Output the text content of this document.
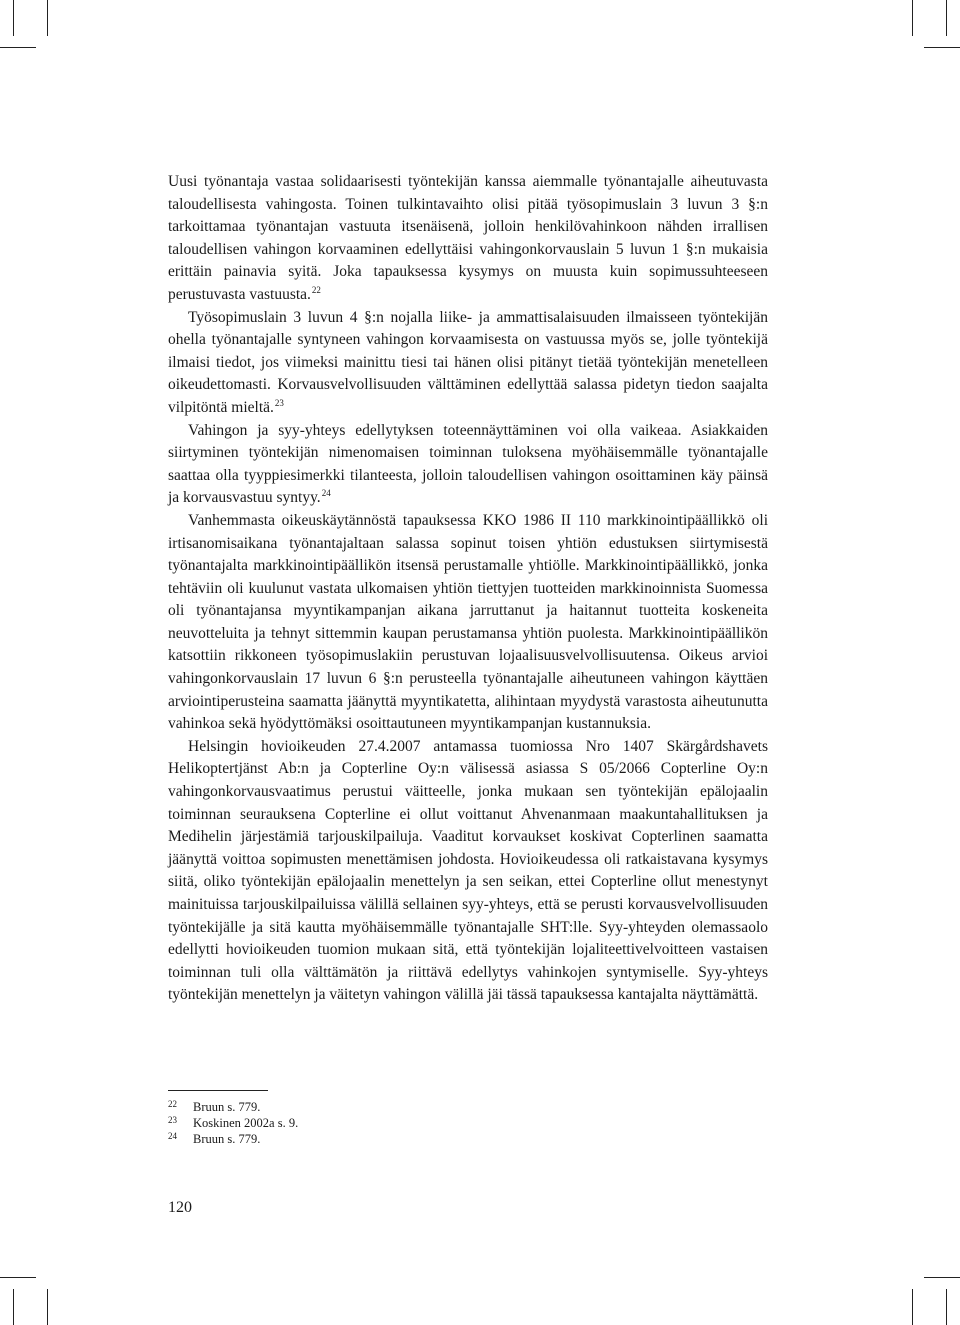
Uusi työnantaja vastaa solidaarisesti työntekijän kanssa aiemmalle työnantajalle aiheutuvasta taloudellisesta vahingosta. Toinen tulkintavaihto olisi pitää työsopimuslain 3 luvun 3 §:n tarkoittamaa työnantajan vastuuta itsenäisenä, jolloin henkilövahinkoon nähden irrallisen taloudellisen vahingon korvaaminen edellyttäisi vahingonkorvauslain 5 luvun 1 §:n mukaisia erittäin painavia syitä. Joka tapauksessa kysymys on muusta kuin sopimussuhteeseen perustuvasta vastuusta.$^{22}$

Työsopimuslain 3 luvun 4 §:n nojalla liike- ja ammattisalaisuuden ilmaisseen työntekijän ohella työnantajalle syntyneen vahingon korvaamisesta on vastuussa myös se, jolle työntekijä ilmaisi tiedot, jos viimeksi mainittu tiesi tai hänen olisi pitänyt tietää työntekijän menetelleen oikeudettomasti. Korvausvelvollisuuden välttäminen edellyttää salassa pidetyn tiedon saajalta vilpitöntä mieltä.$^{23}$

Vahingon ja syy-yhteys edellytyksen toteennäyttäminen voi olla vaikeaa. Asiakkaiden siirtyminen työntekijän nimenomaisen toiminnan tuloksena myöhäisemmälle työnantajalle saattaa olla tyyppiesimerkki tilanteesta, jolloin taloudellisen vahingon osoittaminen käy päinsä ja korvausvastuu syntyy.$^{24}$

Vanhemmasta oikeuskäytännöstä tapauksessa KKO 1986 II 110 markkinointipäällikkö oli irtisanomisaikana työnantajaltaan salassa sopinut toisen yhtiön edustuksen siirtymisestä työnantajalta markkinointipäällikön itsensä perustamalle yhtiölle. Markkinointipäällikkö, jonka tehtäviin oli kuulunut vastata ulkomaisen yhtiön tiettyjen tuotteiden markkinoinnista Suomessa oli työnantajansa myyntikampanjan aikana jarruttanut ja haitannut tuotteita koskeneita neuvotteluita ja tehnyt sittemmin kaupan perustamansa yhtiön puolesta. Markkinointipäällikön katsottiin rikkoneen työsopimuslakiin perustuvan lojaalisuusvelvollisuutensa. Oikeus arvioi vahingonkorvauslain 17 luvun 6 §:n perusteella työnantajalle aiheutuneen vahingon käyttäen arviointiperusteina saamatta jäänyttä myyntikatetta, alihintaan myydystä varastosta aiheutunutta vahinkoa sekä hyödyttömäksi osoittautuneen myyntikampanjan kustannuksia.

Helsingin hovioikeuden 27.4.2007 antamassa tuomiossa Nro 1407 Skärgårdshavets Helikoptertjänst Ab:n ja Copterline Oy:n välisessä asiassa S 05/2066 Copterline Oy:n vahingonkorvausvaatimus perustui väitteelle, jonka mukaan sen työntekijän epälojaalin toiminnan seurauksena Copterline ei ollut voittanut Ahvenanmaan maakuntahallituksen ja Medihelin järjestämiä tarjouskilpailuja. Vaaditut korvaukset koskivat Copterlinen saamatta jäänyttä voittoa sopimusten menettämisen johdosta. Hovioikeudessa oli ratkaistavana kysymys siitä, oliko työntekijän epälojaalin menettelyn ja sen seikan, ettei Copterline ollut menestynyt mainituissa tarjouskilpailuissa välillä sellainen syy-yhteys, että se perusti korvausvelvollisuuden työntekijälle ja sitä kautta myöhäisemmälle työnantajalle SHT:lle. Syy-yhteyden olemassaolo edellytti hovioikeuden tuomion mukaan sitä, että työntekijän lojaliteettivelvoitteen vastaisen toiminnan tuli olla välttämätön ja riittävä edellytys vahinkojen syntymiselle. Syy-yhteys työntekijän menettelyn ja väitetyn vahingon välillä jäi tässä tapauksessa kantajalta näyttämättä.

22	Bruun s. 779.
23	Koskinen 2002a s. 9.
24	Bruun s. 779.
120
